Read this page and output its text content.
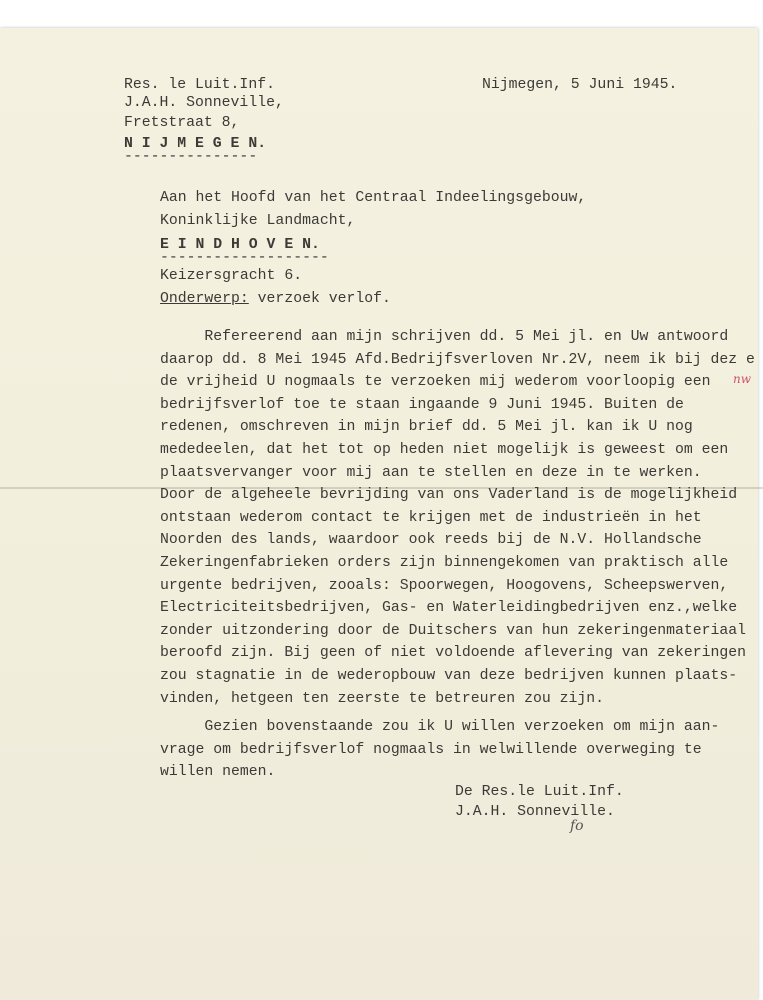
Res. le Luit.Inf.
J.A.H. Sonneville,
Fretstraat 8,
N I J M E G E N.
---------------
Nijmegen, 5 Juni 1945.
Aan het Hoofd van het Centraal Indeelingsgebouw,
Koninklijke Landmacht,
E I N D H O V E N.
-------------------
Keizersgracht 6.
Onderwerp: verzoek verlof.
Refereerend aan mijn schrijven dd. 5 Mei jl. en Uw antwoord
daarop dd. 8 Mei 1945 Afd.Bedrijfsverloven Nr.2V, neem ik bij dez e
de vrijheid U nogmaals te verzoeken mij wederom voorloopig een
bedrijfsverlof toe te staan ingaande 9 Juni 1945. Buiten de
redenen, omschreven in mijn brief dd. 5 Mei jl. kan ik U nog
mededeelen, dat het tot op heden niet mogelijk is geweest om een
plaatsvervanger voor mij aan te stellen en deze in te werken.
Door de algeheele bevrijding van ons Vaderland is de mogelijkheid
ontstaan wederom contact te krijgen met de industrieën in het
Noorden des lands, waardoor ook reeds bij de N.V. Hollandsche
Zekeringenfabrieken orders zijn binnengekomen van praktisch alle
urgente bedrijven, zooals: Spoorwegen, Hoogovens, Scheepswerven,
Electriciteitsbedrijven, Gas- en Waterleidingbedrijven enz.,welke
zonder uitzondering door de Duitschers van hun zekeringenmateriaal
beroofd zijn. Bij geen of niet voldoende aflevering van zekeringen
zou stagnatie in de wederopbouw van deze bedrijven kunnen plaats-
vinden, hetgeen ten zeerste te betreuren zou zijn.
Gezien bovenstaande zou ik U willen verzoeken om mijn aan-
vrage om bedrijfsverlof nogmaals in welwillende overweging te
willen nemen.
nw
De Res.le Luit.Inf.
J.A.H. Sonneville.
fo
